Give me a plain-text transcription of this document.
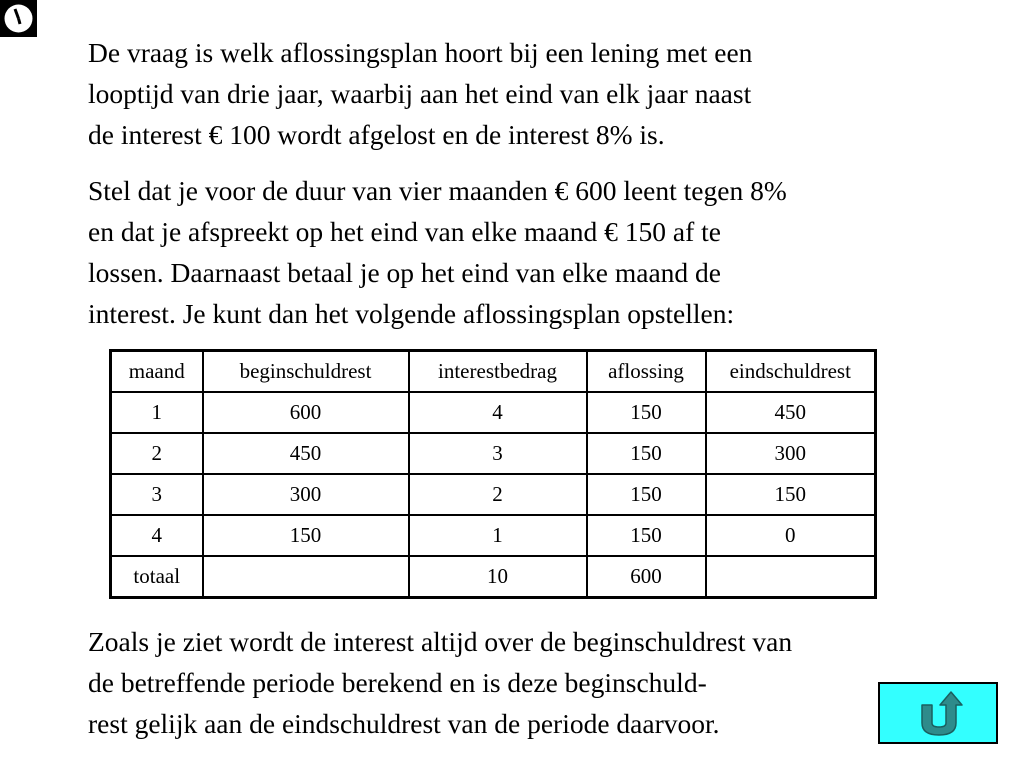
De vraag is welk aflossingsplan hoort bij een lening met een
looptijd van drie jaar, waarbij aan het eind van elk jaar naast
de interest € 100 wordt afgelost en de interest 8% is.

Stel dat je voor de duur van vier maanden € 600 leent tegen 8%
en dat je afspreekt op het eind van elke maand € 150 af te
lossen. Daarnaast betaal je op het eind van elke maand de
interest. Je kunt dan het volgende aflossingsplan opstellen:

maand	beginschuldrest	interestbedrag	aflossing	eindschuldrest
1	600	4	150	450
2	450	3	150	300
3	300	2	150	150
4	150	1	150	0
totaal		10	600	

Zoals je ziet wordt de interest altijd over de beginschuldrest van
de betreffende periode berekend en is deze beginschuld-
rest gelijk aan de eindschuldrest van de periode daarvoor.
